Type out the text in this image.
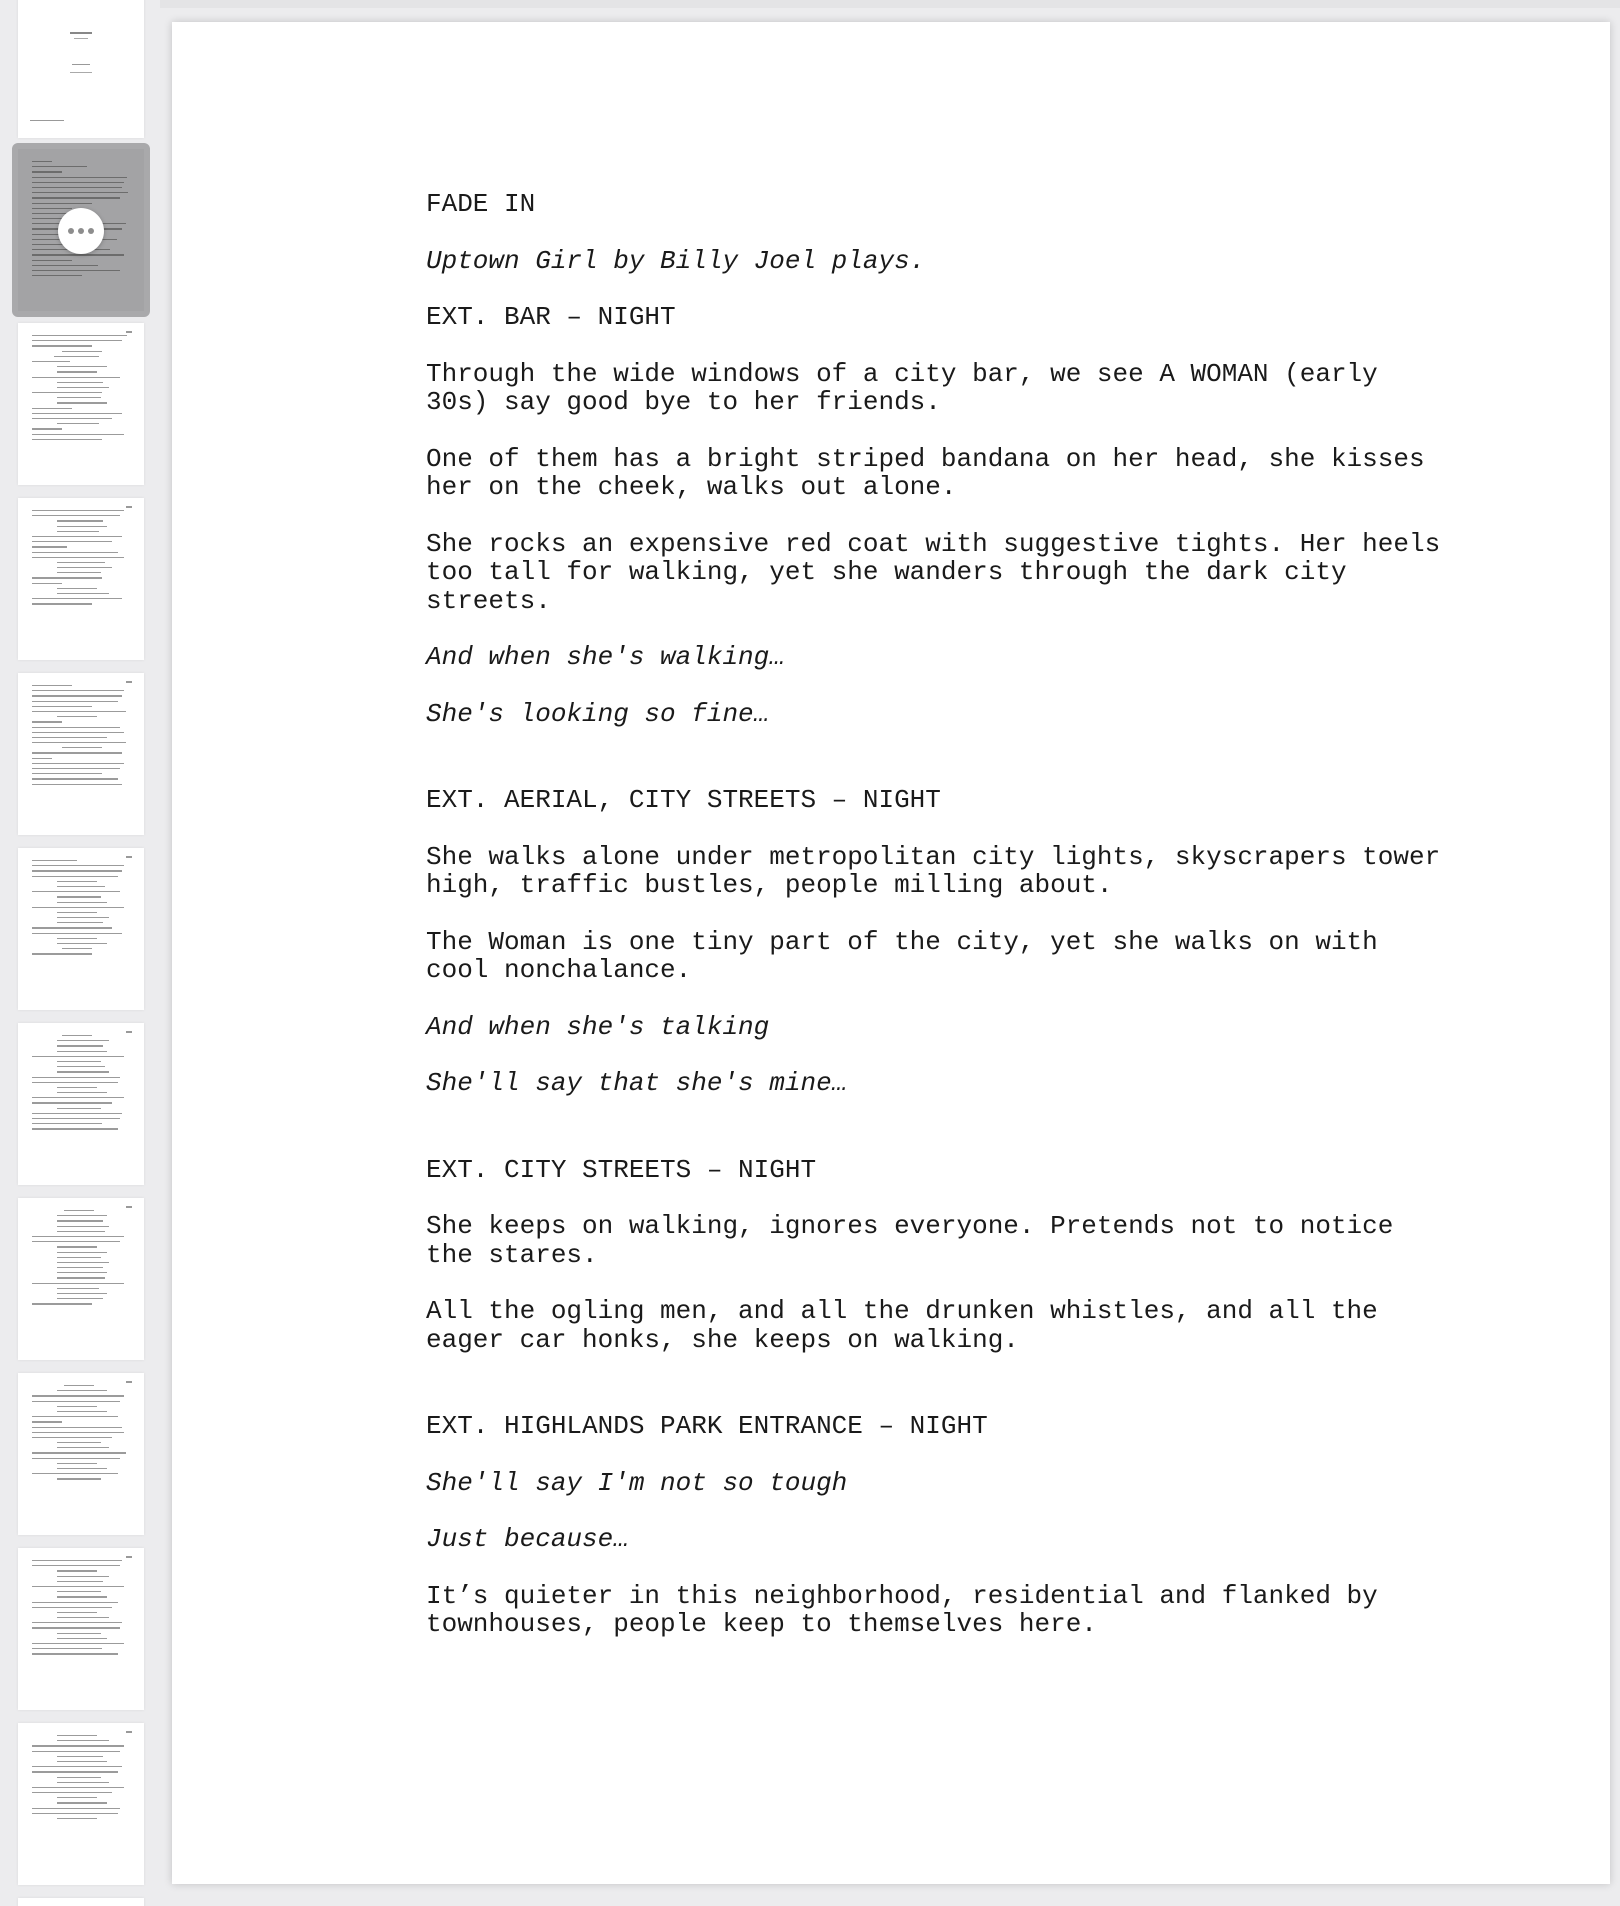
FADE IN

Uptown Girl by Billy Joel plays.

EXT. BAR – NIGHT

Through the wide windows of a city bar, we see A WOMAN (early 30s) say good bye to her friends.

One of them has a bright striped bandana on her head, she kisses her on the cheek, walks out alone.

She rocks an expensive red coat with suggestive tights. Her heels too tall for walking, yet she wanders through the dark city streets.

And when she's walking…

She's looking so fine…

EXT. AERIAL, CITY STREETS – NIGHT

She walks alone under metropolitan city lights, skyscrapers tower high, traffic bustles, people milling about.

The Woman is one tiny part of the city, yet she walks on with cool nonchalance.

And when she's talking

She'll say that she's mine…

EXT. CITY STREETS – NIGHT

She keeps on walking, ignores everyone. Pretends not to notice the stares.

All the ogling men, and all the drunken whistles, and all the eager car honks, she keeps on walking.

EXT. HIGHLANDS PARK ENTRANCE – NIGHT

She'll say I'm not so tough

Just because…

It’s quieter in this neighborhood, residential and flanked by townhouses, people keep to themselves here.
